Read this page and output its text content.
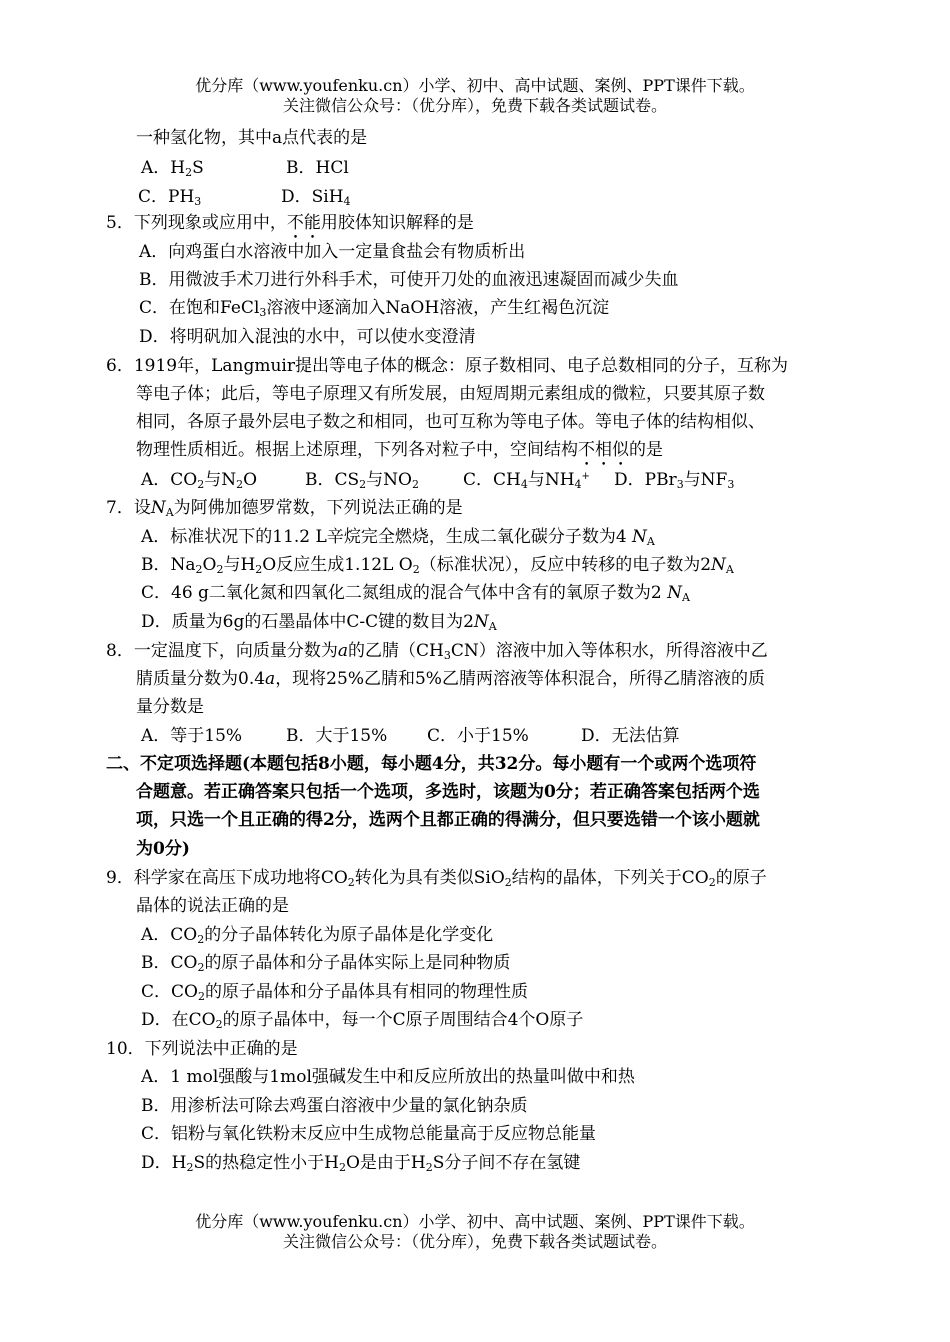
优分库（www.youfenku.cn）小学、初中、高中试题、案例、PPT课件下载。
关注微信公众号：（优分库），免费下载各类试题试卷。
一种氢化物，其中a点代表的是
A．$H_2S$	B．HCl
C．$PH_3$	D．SiH$_4$
5．下列现象或应用中，不能用胶体知识解释的是
A．向鸡蛋白水溶液中加入一定量食盐会有物质析出
B．用微波手术刀进行外科手术，可使开刀处的血液迅速凝固而减少失血
C．在饱和FeCl$_3$溶液中逐滴加入NaOH溶液，产生红褐色沉淀
D．将明矾加入混浊的水中，可以使水变澄清
6．1919年，Langmuir提出等电子体的概念：原子数相同、电子总数相同的分子，互称为
等电子体；此后，等电子原理又有所发展，由短周期元素组成的微粒，只要其原子数
相同，各原子最外层电子数之和相同，也可互称为等电子体。等电子体的结构相似、
物理性质相近。根据上述原理，下列各对粒子中，空间结构不相似的是
A．$CO_2$与$N_2O$	B．$CS_2$与$NO_2$	C．$CH_4$与$NH_4^+$ D．PBr$_3$与$NF_3$
7．设$N_A$为阿佛加德罗常数，下列说法正确的是
A．标准状况下的11.2 L辛烷完全燃烧，生成二氧化碳分子数为4 $N_A$
B．$Na_2O_2$与$H_2O$反应生成1.12L $O_2$（标准状况），反应中转移的电子数为$2N_A$
C．46 g二氧化氮和四氧化二氮组成的混合气体中含有的氧原子数为2 $N_A$
D．质量为6g的石墨晶体中C-C键的数目为$2N_A$
8．一定温度下，向质量分数为a的乙腈$(CH_3CN)$溶液中加入等体积水，所得溶液中乙
腈质量分数为0.4a，现将25%乙腈和5%乙腈两溶液等体积混合，所得乙腈溶液的质
量分数是
A．等于15%	B．大于15% C．小于15%	D．无法估算
二、不定项选择题(本题包括8小题，每小题4分，共32分。每小题有一个或两个选项符
合题意。若正确答案只包括一个选项，多选时，该题为0分；若正确答案包括两个选
项，只选一个且正确的得2分，选两个且都正确的得满分，但只要选错一个该小题就
为0分)
9．科学家在高压下成功地将$CO_2$转化为具有类似SiO$_2$结构的晶体，下列关于$CO_2$的原子
晶体的说法正确的是
A．$CO_2$的分子晶体转化为原子晶体是化学变化
B．$CO_2$的原子晶体和分子晶体实际上是同种物质
C．$CO_2$的原子晶体和分子晶体具有相同的物理性质
D．在$CO_2$的原子晶体中，每一个C原子周围结合4个O原子
10．下列说法中正确的是
A．1 mol强酸与1mol强碱发生中和反应所放出的热量叫做中和热
B．用渗析法可除去鸡蛋白溶液中少量的氯化钠杂质
C．铝粉与氧化铁粉末反应中生成物总能量高于反应物总能量
D．$H_2S$的热稳定性小于$H_2O$是由于$H_2S$分子间不存在氢键
优分库（www.youfenku.cn）小学、初中、高中试题、案例、PPT课件下载。
关注微信公众号：（优分库），免费下载各类试题试卷。
